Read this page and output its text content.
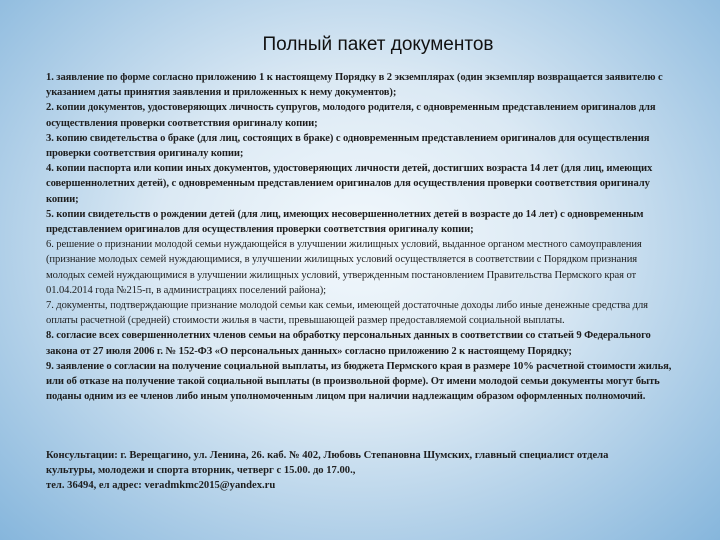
Полный пакет документов

1. заявление по форме согласно приложению 1 к настоящему Порядку в 2 экземплярах (один экземпляр возвращается заявителю с указанием даты принятия заявления и приложенных к нему документов);

2. копии документов, удостоверяющих личность супругов, молодого родителя, с одновременным представлением оригиналов для осуществления проверки соответствия оригиналу копии;

3. копию свидетельства о браке (для лиц, состоящих в браке) с одновременным представлением оригиналов для осуществления проверки соответствия оригиналу копии;

4. копии паспорта или копии иных документов, удостоверяющих личности детей, достигших возраста 14 лет (для лиц, имеющих совершеннолетних детей), с одновременным представлением оригиналов для осуществления проверки соответствия оригиналу копии;

5. копии свидетельств о рождении детей (для лиц, имеющих несовершеннолетних детей в возрасте до 14 лет) с одновременным представлением оригиналов для осуществления проверки соответствия оригиналу копии;

6. решение о признании молодой семьи нуждающейся в улучшении жилищных условий, выданное органом местного самоуправления (признание молодых семей нуждающимися, в улучшении жилищных условий осуществляется в соответствии с Порядком признания молодых семей нуждающимися в улучшении жилищных условий, утвержденным постановлением Правительства Пермского края от 01.04.2014 года №215-п, в администрациях поселений района);

7. документы, подтверждающие признание молодой семьи как семьи, имеющей достаточные доходы либо иные денежные средства для оплаты расчетной (средней) стоимости жилья в части, превышающей размер предоставляемой социальной выплаты.

8. согласие всех совершеннолетних членов семьи на обработку персональных данных в соответствии со статьей 9 Федерального закона от 27 июля 2006 г. № 152-ФЗ «О персональных данных» согласно приложению 2 к настоящему Порядку;

9. заявление о согласии на получение социальной выплаты, из бюджета Пермского края в размере 10% расчетной стоимости жилья, или об отказе на получение такой социальной выплаты (в произвольной форме). От имени молодой семьи документы могут быть поданы одним из ее членов либо иным уполномоченным лицом при наличии надлежащим образом оформленных полномочий.

Консультации: г. Верещагино, ул. Ленина, 26. каб. № 402, Любовь Степановна Шумских, главный специалист отдела

культуры, молодежи и спорта вторник, четверг с 15.00. до 17.00.,

тел. 36494, ел адрес: veradmkmc2015@yandex.ru
